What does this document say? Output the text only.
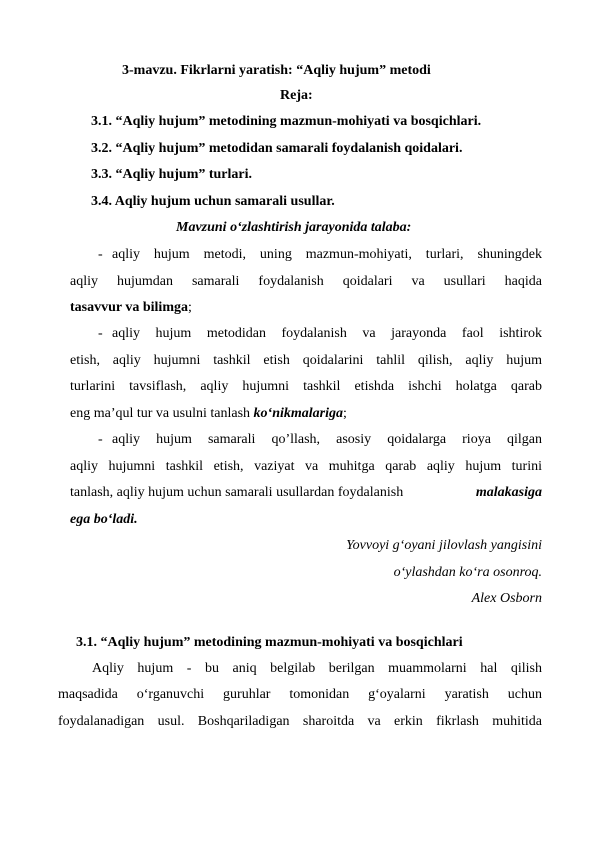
3-mavzu. Fikrlarni yaratish: “Aqliy hujum” metodi
Reja:
3.1. “Aqliy hujum” metodining mazmun-mohiyati va bosqichlari.
3.2. “Aqliy hujum” metodidan samarali foydalanish qoidalari.
3.3. “Aqliy hujum” turlari.
3.4. Aqliy hujum uchun samarali usullar.
Mavzuni o‘zlashtirish jarayonida talaba:
- aqliy hujum metodi, uning mazmun-mohiyati, turlari, shuningdek
aqliy hujumdan samarali foydalanish qoidalari va usullari haqida
tasavvur va bilimga;
- aqliy hujum metodidan foydalanish va jarayonda faol ishtirok
etish, aqliy hujumni tashkil etish qoidalarini tahlil qilish, aqliy hujum
turlarini tavsiflash, aqliy hujumni tashkil etishda ishchi holatga qarab
eng ma’qul tur va usulni tanlash ko‘nikmalariga;
- aqliy hujum samarali qo’llash, asosiy qoidalarga rioya qilgan
aqliy hujumni tashkil etish, vaziyat va muhitga qarab aqliy hujum turini
tanlash, aqliy hujum uchun samarali usullardan foydalanish	malakasiga
ega bo‘ladi.
Yovvoyi g‘oyani jilovlash yangisini
o‘ylashdan ko‘ra osonroq.
Alex Osborn
3.1. “Aqliy hujum” metodining mazmun-mohiyati va bosqichlari
Aqliy hujum - bu aniq belgilab berilgan muammolarni hal qilish
maqsadida o‘rganuvchi guruhlar tomonidan g‘oyalarni yaratish uchun
foydalanadigan usul. Boshqariladigan sharoitda va erkin fikrlash muhitida
